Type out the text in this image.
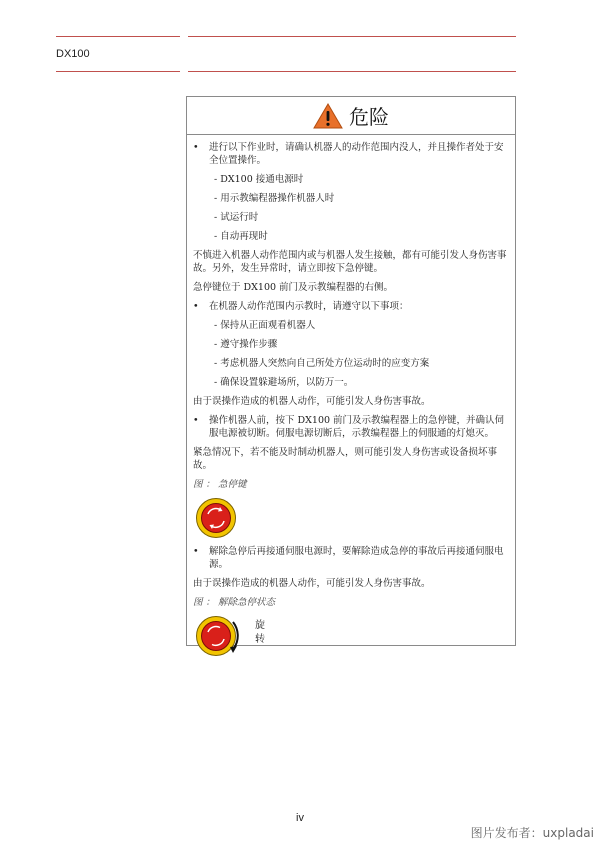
DX100
危险
•	进行以下作业时，请确认机器人的动作范围内没人，并且操作者处于安全位置操作。
- DX100 接通电源时
- 用示教编程器操作机器人时
- 试运行时
- 自动再现时
不慎进入机器人动作范围内或与机器人发生接触，都有可能引发人身伤害事故。另外，发生异常时，请立即按下急停键。
急停键位于 DX100 前门及示教编程器的右侧。
•	在机器人动作范围内示教时，请遵守以下事项：
- 保持从正面观看机器人
- 遵守操作步骤
- 考虑机器人突然向自己所处方位运动时的应变方案
- 确保设置躲避场所，以防万一。
由于误操作造成的机器人动作，可能引发人身伤害事故。
•	操作机器人前，按下 DX100 前门及示教编程器上的急停键，并确认伺服电源被切断。伺服电源切断后，示教编程器上的伺服通的灯熄灭。
紧急情况下，若不能及时制动机器人，则可能引发人身伤害或设备损坏事故。
图 ： 急停键
•	解除急停后再接通伺服电源时，要解除造成急停的事故后再接通伺服电源。
由于误操作造成的机器人动作，可能引发人身伤害事故。
图 ： 解除急停状态
旋
转
iv
图片发布者：uxpladai
